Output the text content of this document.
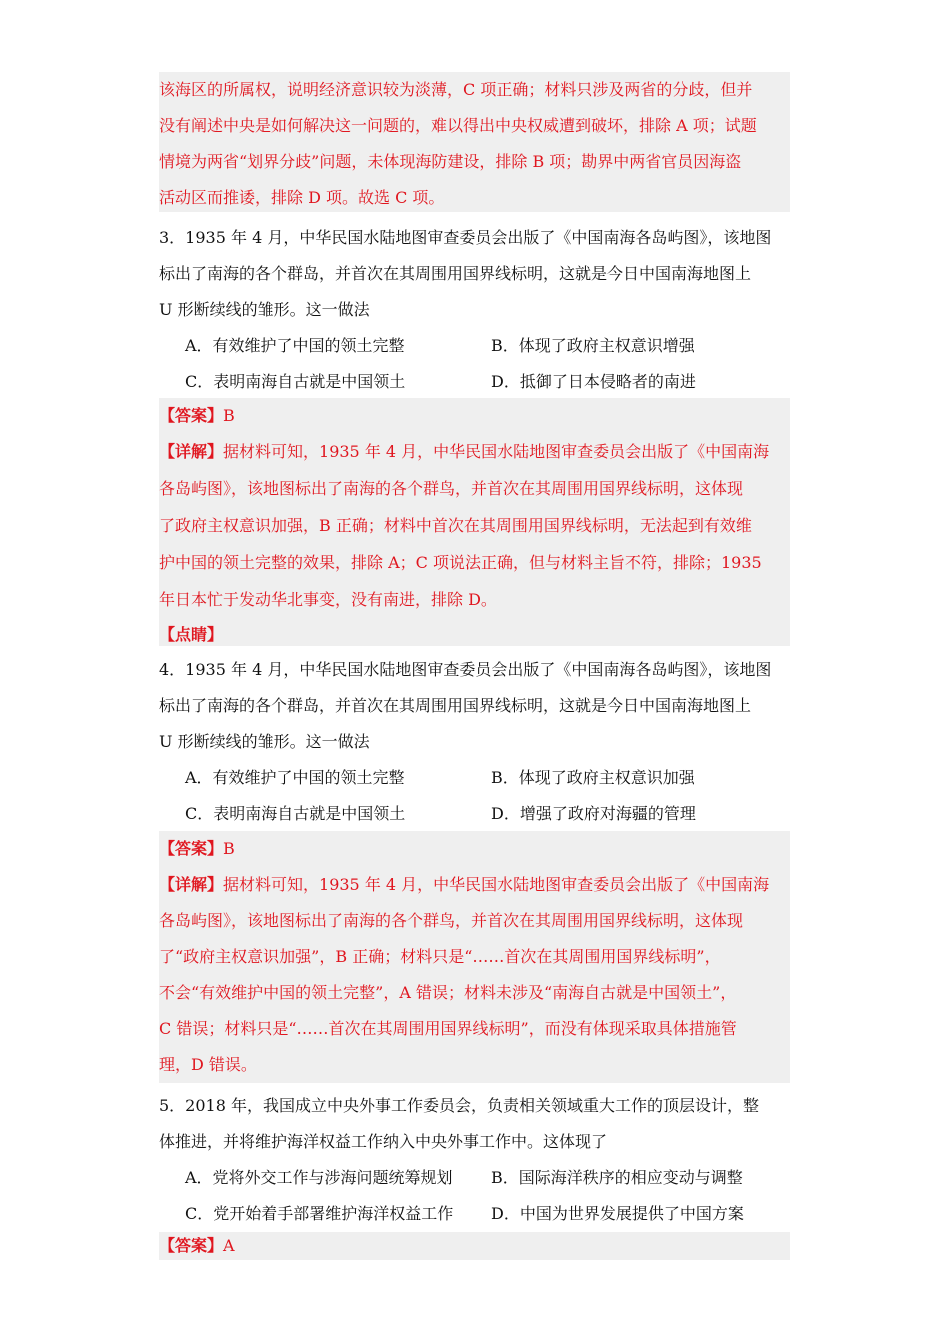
该海区的所属权，说明经济意识较为淡薄，C 项正确；材料只涉及两省的分歧，但并
没有阐述中央是如何解决这一问题的，难以得出中央权威遭到破坏，排除 A 项；试题
情境为两省“划界分歧”问题，未体现海防建设，排除 B 项；勘界中两省官员因海盗
活动区而推诿，排除 D 项。故选 C 项。
3．1935 年 4 月，中华民国水陆地图审查委员会出版了《中国南海各岛屿图》，该地图
标出了南海的各个群岛，并首次在其周围用国界线标明，这就是今日中国南海地图上
U 形断续线的雏形。这一做法
A．有效维护了中国的领土完整	B．体现了政府主权意识增强
C．表明南海自古就是中国领土	D．抵御了日本侵略者的南进
【答案】B
【详解】据材料可知，1935 年 4 月，中华民国水陆地图审查委员会出版了《中国南海
各岛屿图》，该地图标出了南海的各个群鸟，并首次在其周围用国界线标明，这体现
了政府主权意识加强，B 正确；材料中首次在其周围用国界线标明，无法起到有效维
护中国的领土完整的效果，排除 A；C 项说法正确，但与材料主旨不符，排除；1935
年日本忙于发动华北事变，没有南进，排除 D。
【点睛】
4．1935 年 4 月，中华民国水陆地图审查委员会出版了《中国南海各岛屿图》，该地图
标出了南海的各个群岛，并首次在其周围用国界线标明，这就是今日中国南海地图上
U 形断续线的雏形。这一做法
A．有效维护了中国的领土完整	B．体现了政府主权意识加强
C．表明南海自古就是中国领土	D．增强了政府对海疆的管理
【答案】B
【详解】据材料可知，1935 年 4 月，中华民国水陆地图审查委员会出版了《中国南海
各岛屿图》，该地图标出了南海的各个群鸟，并首次在其周围用国界线标明，这体现
了“政府主权意识加强”，B 正确；材料只是“……首次在其周围用国界线标明”，
不会“有效维护中国的领土完整”，A 错误；材料未涉及“南海自古就是中国领土”，
C 错误；材料只是“……首次在其周围用国界线标明”，而没有体现采取具体措施管
理，D 错误。
5．2018 年，我国成立中央外事工作委员会，负责相关领域重大工作的顶层设计，整
体推进，并将维护海洋权益工作纳入中央外事工作中。这体现了
A．党将外交工作与涉海问题统筹规划 B．国际海洋秩序的相应变动与调整
C．党开始着手部署维护海洋权益工作 D．中国为世界发展提供了中国方案
【答案】A
